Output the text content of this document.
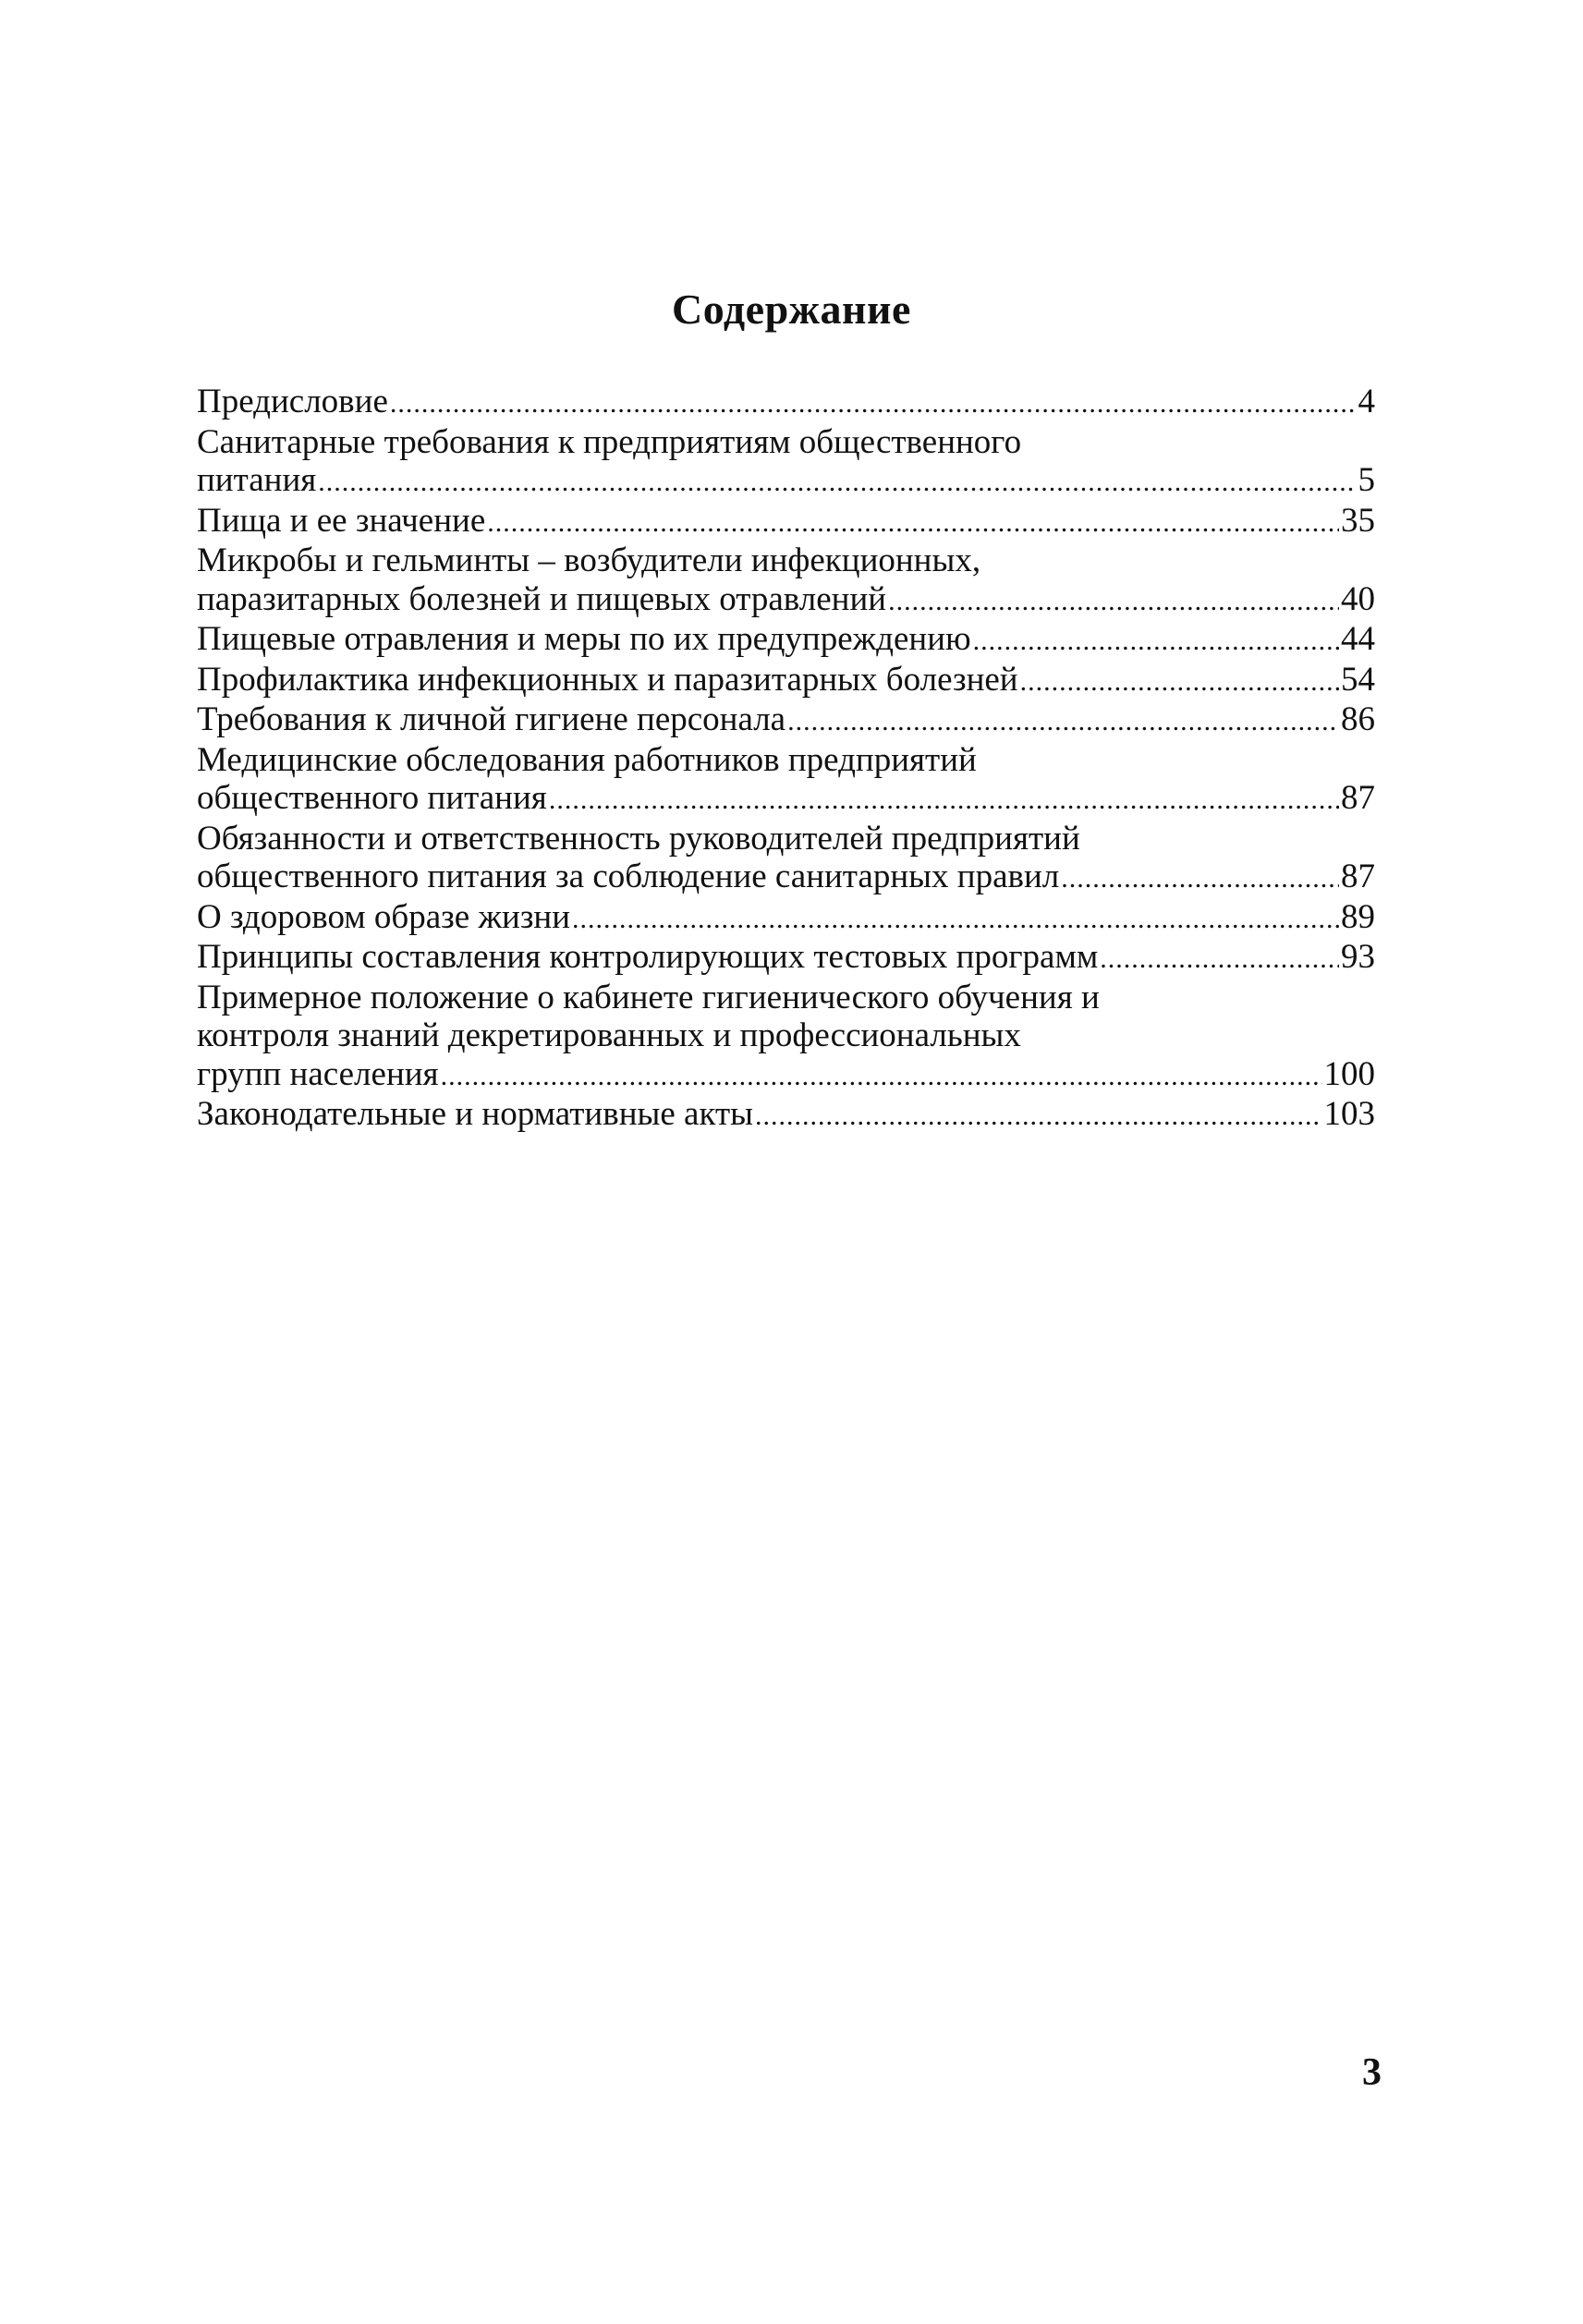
Содержание
Предисловие .....	4
Санитарные требования к предприятиям общественного
питания .....	5
Пища и ее значение .....	35
Микробы и гельминты – возбудители инфекционных,
паразитарных болезней и пищевых отравлений .....	40
Пищевые отравления и меры по их предупреждению .....	44
Профилактика инфекционных и паразитарных болезней .....	54
Требования к личной гигиене персонала .....	86
Медицинские обследования работников предприятий
общественного питания .....	87
Обязанности и ответственность руководителей предприятий
общественного питания за соблюдение санитарных правил .....	87
О здоровом образе жизни .....	89
Принципы составления контролирующих тестовых программ .....	93
Примерное положение о кабинете гигиенического обучения и
контроля знаний декретированных и профессиональных
групп населения .....	100
Законодательные и нормативные акты .....	103
3
